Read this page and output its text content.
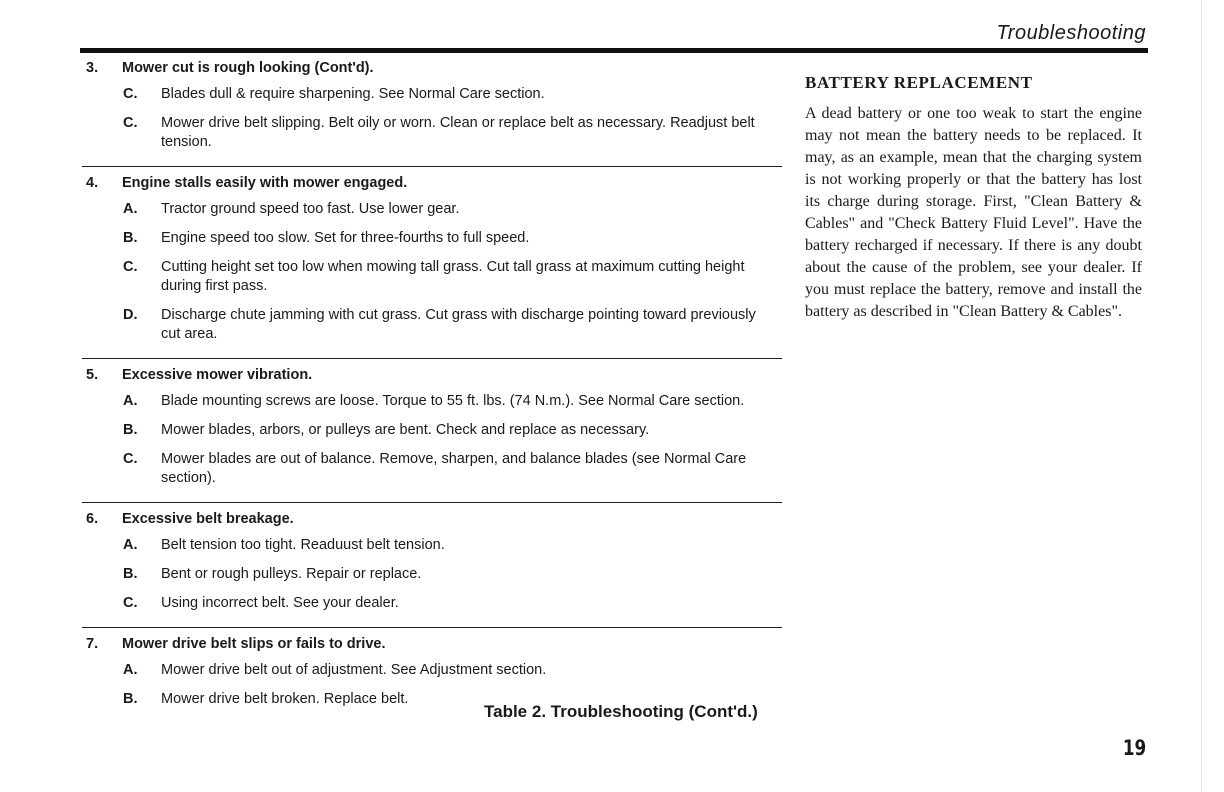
Troubleshooting
3.	Mower cut is rough looking (Cont'd).
C.	Blades dull & require sharpening. See Normal Care section.
C.	Mower drive belt slipping. Belt oily or worn. Clean or replace belt as necessary. Readjust belt tension.
4.	Engine stalls easily with mower engaged.
A.	Tractor ground speed too fast. Use lower gear.
B.	Engine speed too slow. Set for three-fourths to full speed.
C.	Cutting height set too low when mowing tall grass. Cut tall grass at maximum cutting height during first pass.
D.	Discharge chute jamming with cut grass. Cut grass with discharge pointing toward previously cut area.
5.	Excessive mower vibration.
A.	Blade mounting screws are loose. Torque to 55 ft. lbs. (74 N.m.). See Normal Care section.
B.	Mower blades, arbors, or pulleys are bent. Check and replace as necessary.
C.	Mower blades are out of balance. Remove, sharpen, and balance blades (see Normal Care section).
6.	Excessive belt breakage.
A.	Belt tension too tight. Readuust belt tension.
B.	Bent or rough pulleys. Repair or replace.
C.	Using incorrect belt. See your dealer.
7.	Mower drive belt slips or fails to drive.
A.	Mower drive belt out of adjustment. See Adjustment section.
B.	Mower drive belt broken. Replace belt.
Table 2. Troubleshooting (Cont'd.)
BATTERY REPLACEMENT
A dead battery or one too weak to start the engine may not mean the battery needs to be replaced. It may, as an example, mean that the charging system is not working properly or that the battery has lost its charge during storage. First, "Clean Battery & Cables" and "Check Battery Fluid Level". Have the battery recharged if necessary. If there is any doubt about the cause of the problem, see your dealer. If you must replace the battery, remove and install the battery as described in "Clean Battery & Cables".
19
